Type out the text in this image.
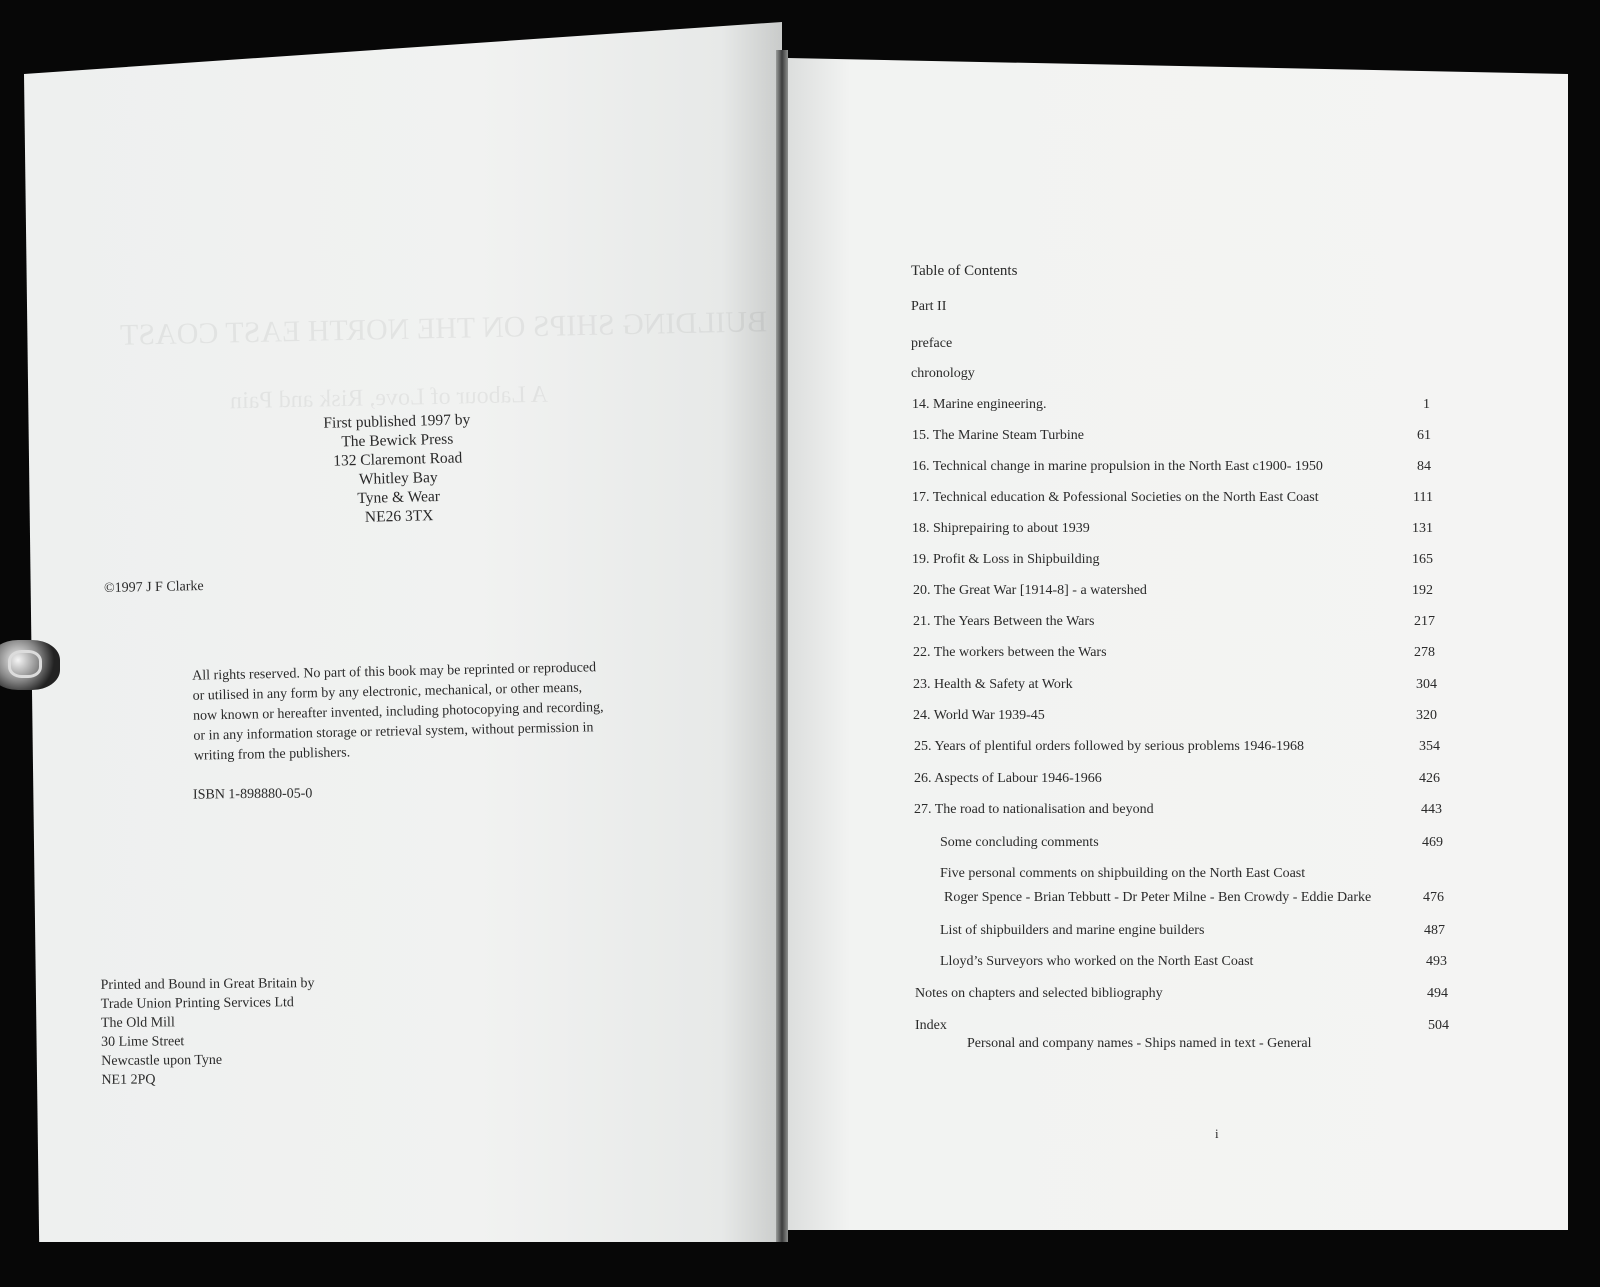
BUILDING SHIPS ON THE NORTH EAST COAST
A Labour of Love, Risk and Pain
First published 1997 by
The Bewick Press
132 Claremont Road
Whitley Bay
Tyne & Wear
NE26 3TX
©1997 J F Clarke

All rights reserved. No part of this book may be reprinted or reproduced

or utilised in any form by any electronic, mechanical, or other means,

now known or hereafter invented, including photocopying and recording,

or in any information storage or retrieval system, without permission in

writing from the publishers.

ISBN 1-898880-05-0
Printed and Bound in Great Britain by
Trade Union Printing Services Ltd
The Old Mill
30 Lime Street
Newcastle upon Tyne
NE1 2PQ
Table of Contents
Part II
preface
chronology
14. Marine engineering.	1
15. The Marine Steam Turbine	61
16. Technical change in marine propulsion in the North East c1900- 1950	84
17. Technical education & Pofessional Societies on the North East Coast	111
18. Shiprepairing to about 1939	131
19. Profit & Loss in Shipbuilding	165
20. The Great War [1914-8] - a watershed	192
21. The Years Between the Wars	217
22. The workers between the Wars	278
23. Health & Safety at Work	304
24. World War 1939-45	320
25. Years of plentiful orders followed by serious problems 1946-1968	354
26. Aspects of Labour 1946-1966	426
27. The road to nationalisation and beyond	443
Some concluding comments	469
Five personal comments on shipbuilding on the North East Coast
Roger Spence - Brian Tebbutt - Dr Peter Milne - Ben Crowdy - Eddie Darke	476
List of shipbuilders and marine engine builders	487
Lloyd’s Surveyors who worked on the North East Coast	493
Notes on chapters and selected bibliography	494
Index	504
Personal and company names - Ships named in text - General
i
